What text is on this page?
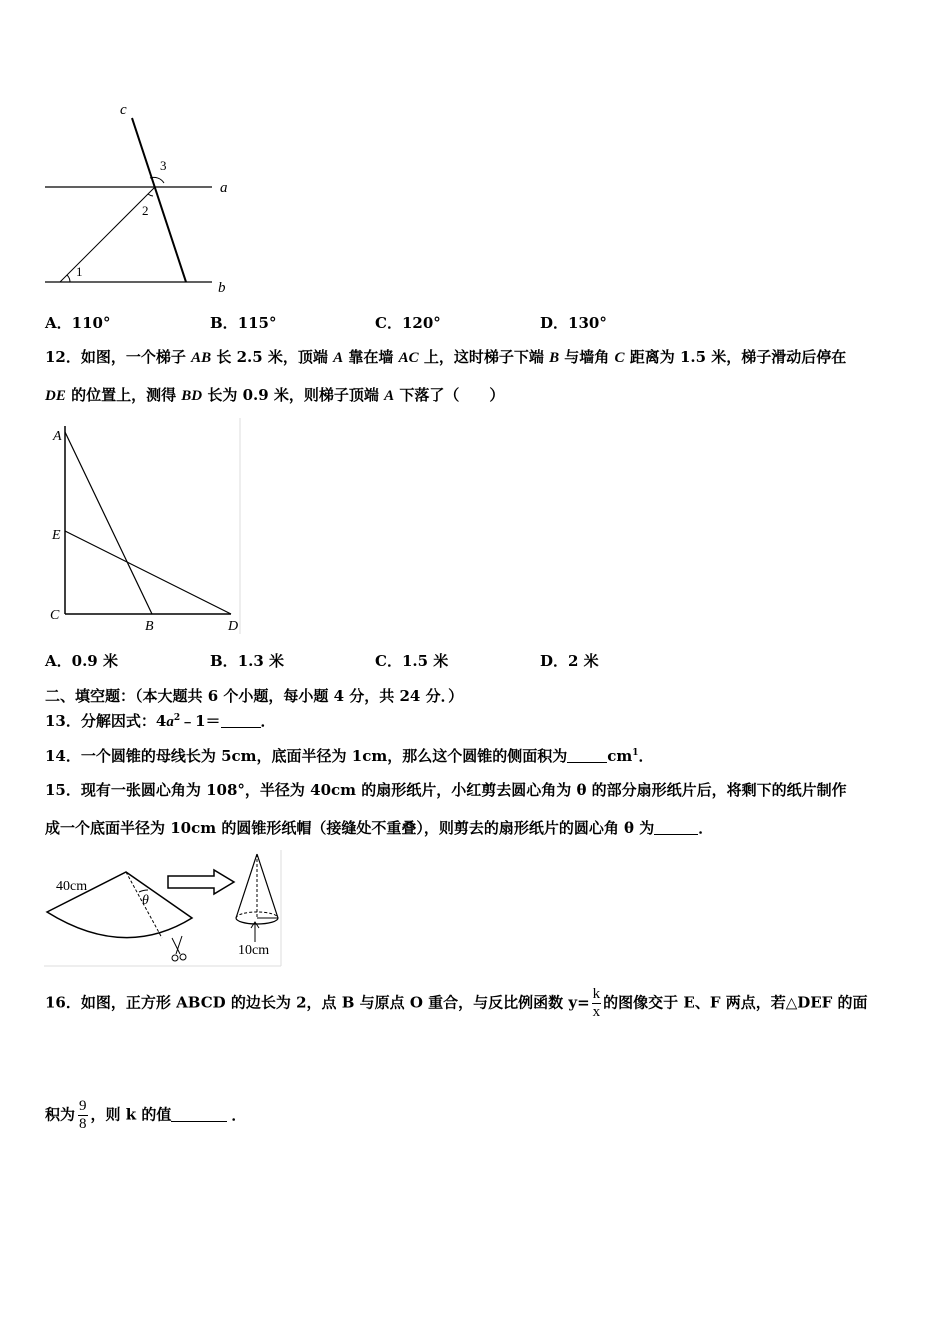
c
a
b
1
2
3
A．110°	B．115°	C．120°	D．130°
12．如图，一个梯子 AB 长 2.5 米，顶端 A 靠在墙 AC 上，这时梯子下端 B 与墙角 C 距离为 1.5 米，梯子滑动后停在
DE 的位置上，测得 BD 长为 0.9 米，则梯子顶端 A 下落了（　　）
A
E
C
B	D
A．0.9 米	B．1.3 米	C．1.5 米	D．2 米
二、填空题：（本大题共 6 个小题，每小题 4 分，共 24 分．）
13．分解因式：$4a^2﹣1=$	．
14．一个圆锥的母线长为 5cm，底面半径为 1cm，那么这个圆锥的侧面积为	$cm^1$．
15．现有一张圆心角为 108°，半径为 40cm 的扇形纸片，小红剪去圆心角为 θ 的部分扇形纸片后，将剩下的纸片制作
成一个底面半径为 10cm 的圆锥形纸帽（接缝处不重叠），则剪去的扇形纸片的圆心角 θ 为	．
40cm
θ
10cm
16．如图，正方形 ABCD 的边长为 2，点 B 与原点 O 重合，与反比例函数 $y= \frac{k}{x}$ 的图像交于 E、F 两点，若△DEF 的面
积为 $\frac{9}{8}$ ，则 k 的值	．
